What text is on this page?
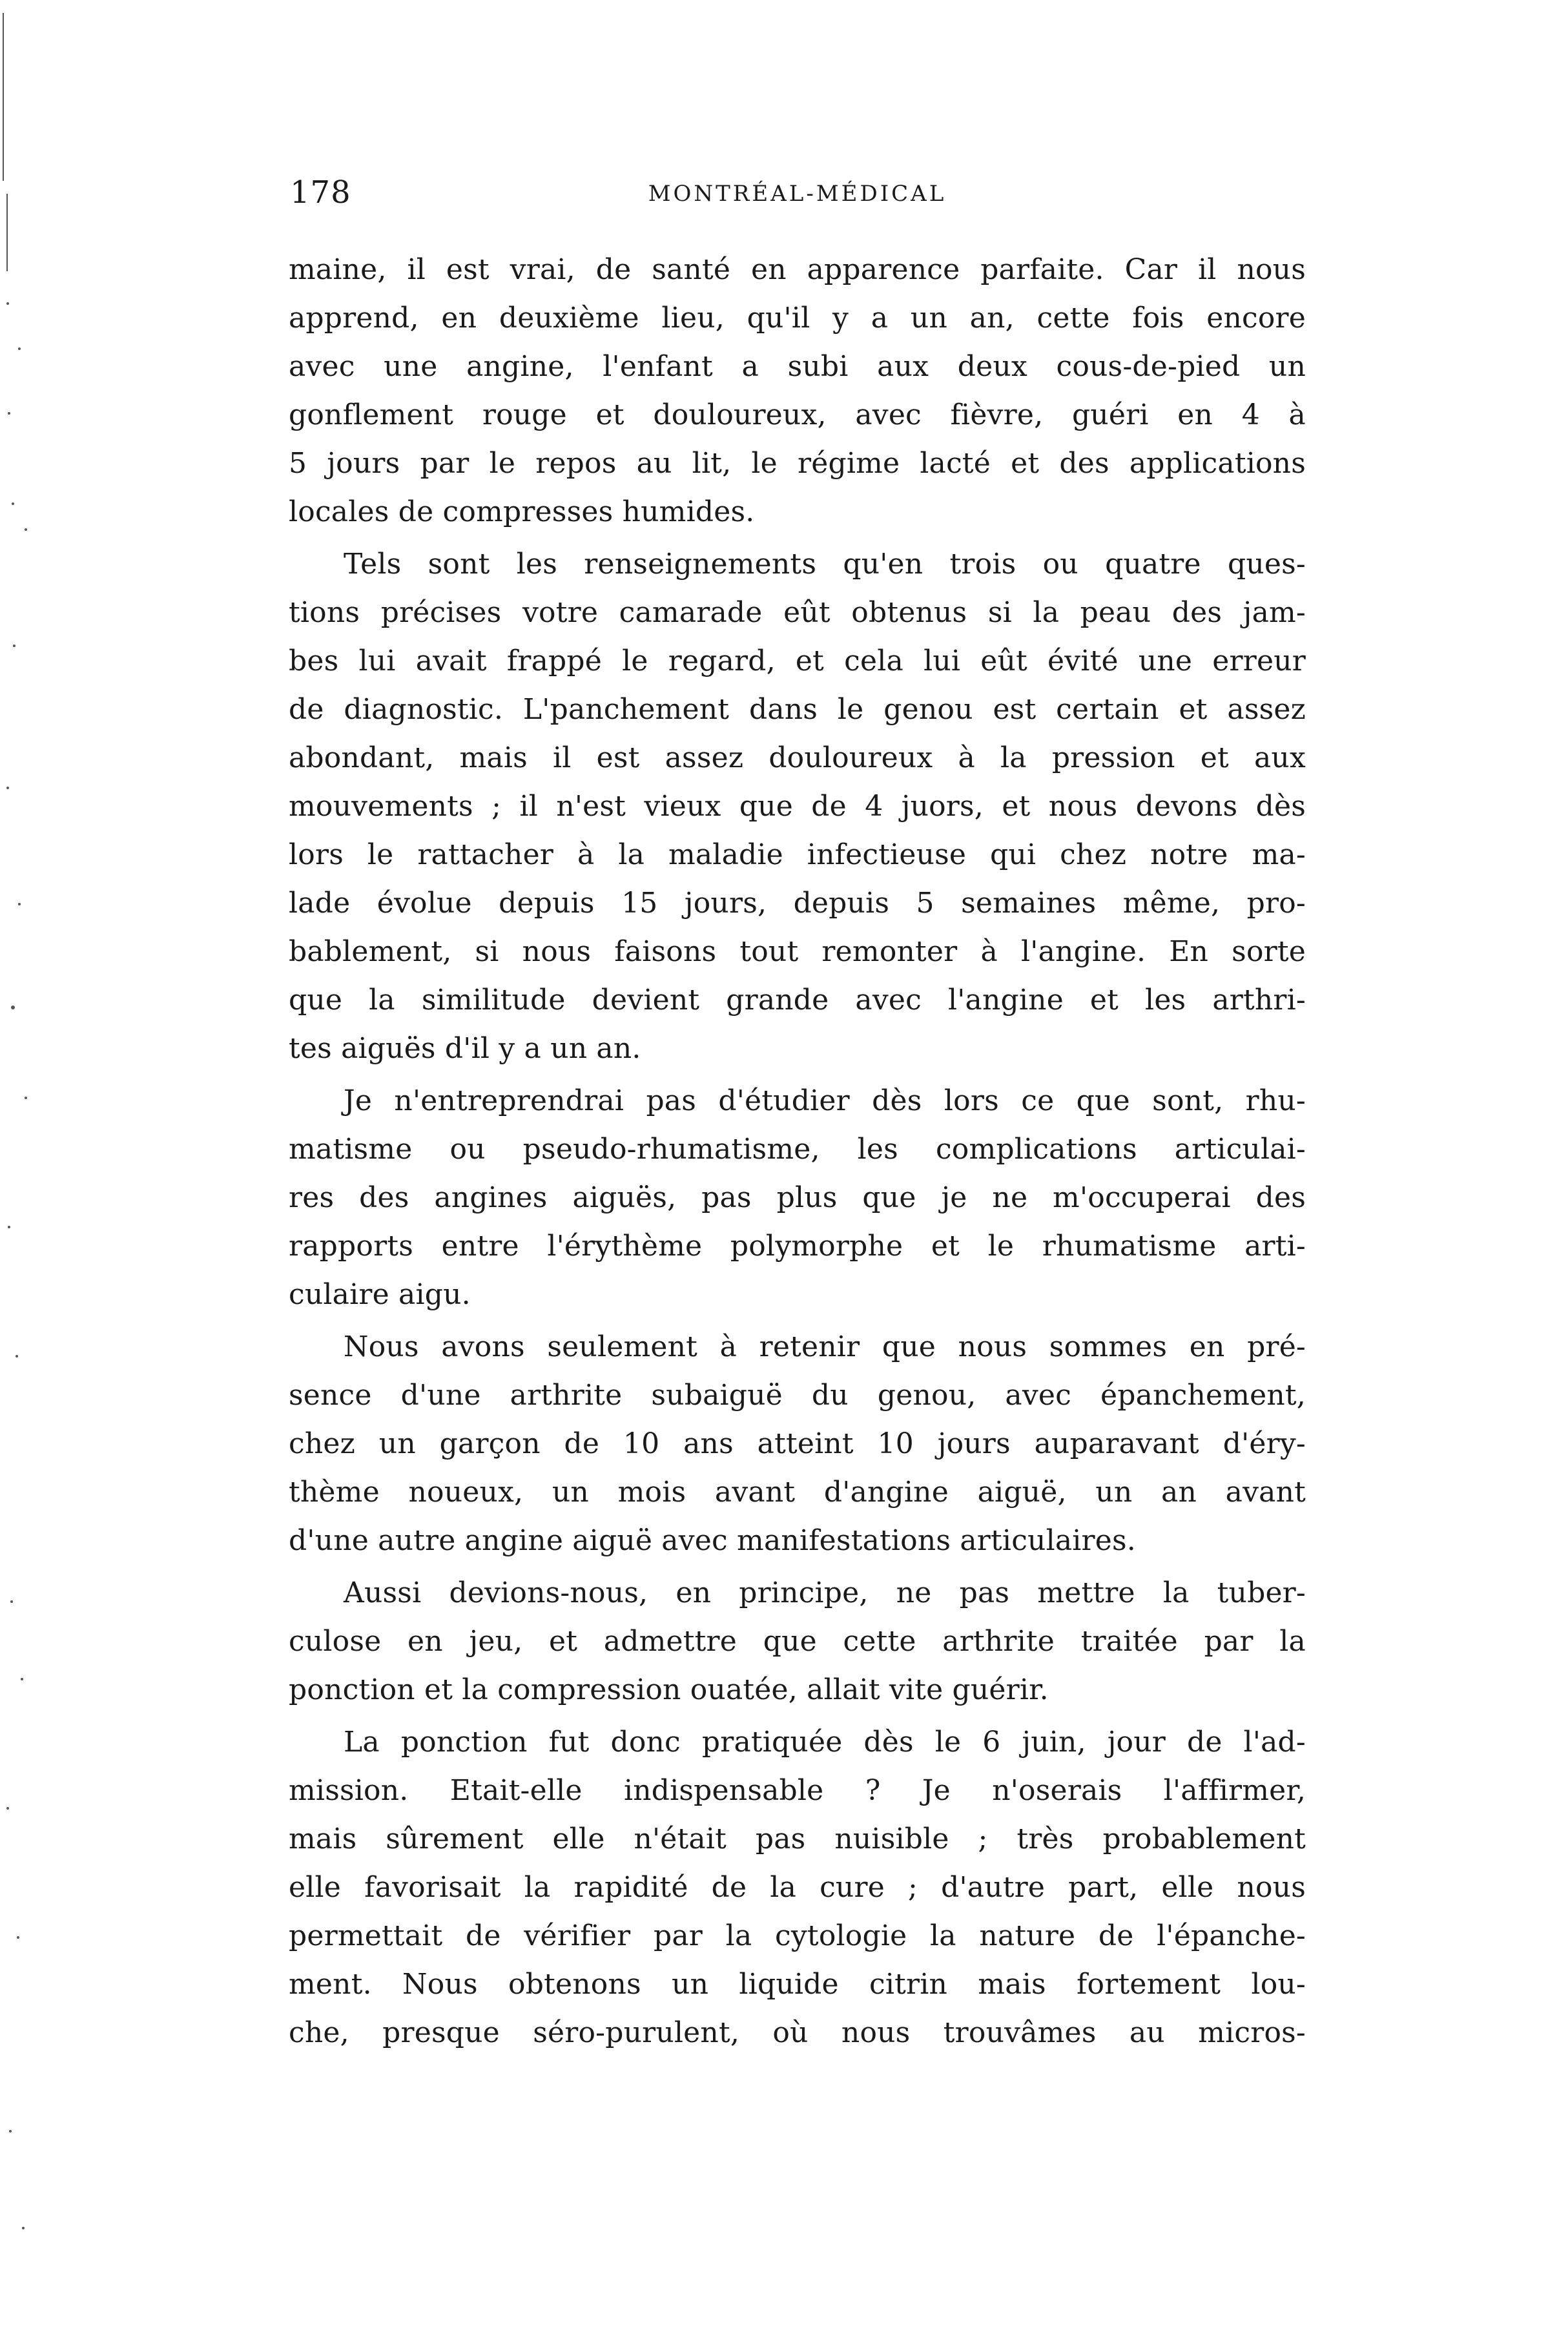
178	MONTRÉAL-MÉDICAL

maine, il est vrai, de santé en apparence parfaite. Car il nous
apprend, en deuxième lieu, qu'il y a un an, cette fois encore
avec une angine, l'enfant a subi aux deux cous-de-pied un
gonflement rouge et douloureux, avec fièvre, guéri en 4 à
5 jours par le repos au lit, le régime lacté et des applications
locales de compresses humides.

Tels sont les renseignements qu'en trois ou quatre ques-
tions précises votre camarade eût obtenus si la peau des jam-
bes lui avait frappé le regard, et cela lui eût évité une erreur
de diagnostic. L'panchement dans le genou est certain et assez
abondant, mais il est assez douloureux à la pression et aux
mouvements ; il n'est vieux que de 4 juors, et nous devons dès
lors le rattacher à la maladie infectieuse qui chez notre ma-
lade évolue depuis 15 jours, depuis 5 semaines même, pro-
bablement, si nous faisons tout remonter à l'angine. En sorte
que la similitude devient grande avec l'angine et les arthri-
tes aiguës d'il y a un an.

Je n'entreprendrai pas d'étudier dès lors ce que sont, rhu-
matisme ou pseudo-rhumatisme, les complications articulai-
res des angines aiguës, pas plus que je ne m'occuperai des
rapports entre l'érythème polymorphe et le rhumatisme arti-
culaire aigu.

Nous avons seulement à retenir que nous sommes en pré-
sence d'une arthrite subaiguë du genou, avec épanchement,
chez un garçon de 10 ans atteint 10 jours auparavant d'éry-
thème noueux, un mois avant d'angine aiguë, un an avant
d'une autre angine aiguë avec manifestations articulaires.

Aussi devions-nous, en principe, ne pas mettre la tuber-
culose en jeu, et admettre que cette arthrite traitée par la
ponction et la compression ouatée, allait vite guérir.

La ponction fut donc pratiquée dès le 6 juin, jour de l'ad-
mission. Etait-elle indispensable ? Je n'oserais l'affirmer,
mais sûrement elle n'était pas nuisible ; très probablement
elle favorisait la rapidité de la cure ; d'autre part, elle nous
permettait de vérifier par la cytologie la nature de l'épanche-
ment. Nous obtenons un liquide citrin mais fortement lou-
che, presque séro-purulent, où nous trouvâmes au micros-
